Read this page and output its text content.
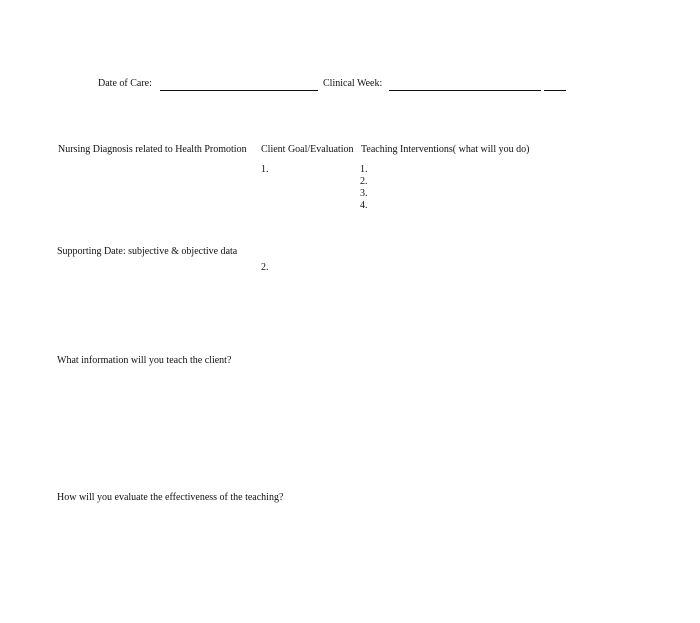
Date of Care:	Clinical Week:
Nursing Diagnosis related to Health Promotion Client Goal/Evaluation Teaching Interventions( what will you do)
1.
2.
1.
2.
3.
4.
Supporting Date: subjective & objective data
What information will you teach the client?
How will you evaluate the effectiveness of the teaching?
